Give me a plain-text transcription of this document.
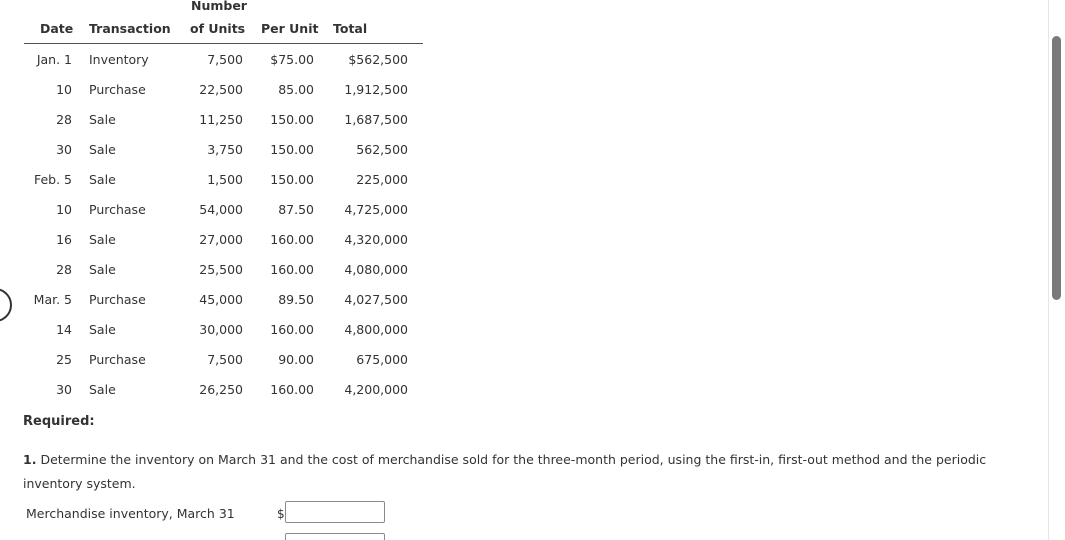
Date Transaction
Number
of Units Per Unit Total
Jan. 1 Inventory	7,500 $75.00	$562,500
10 Purchase	22,500	85.00 1,912,500
28 Sale	11,250 150.00 1,687,500
30 Sale	3,750 150.00	562,500
Feb. 5 Sale	1,500 150.00	225,000
10 Purchase	54,000	87.50 4,725,000
16 Sale	27,000 160.00 4,320,000
28 Sale	25,500 160.00 4,080,000
Mar. 5 Purchase	45,000	89.50 4,027,500
14 Sale	30,000 160.00 4,800,000
25 Purchase	7,500	90.00	675,000
30 Sale	26,250 160.00 4,200,000
Required:
1. Determine the inventory on March 31 and the cost of merchandise sold for the three-month period, using the first-in, first-out method and the periodic inventory system.
Merchandise inventory, March 31	$
